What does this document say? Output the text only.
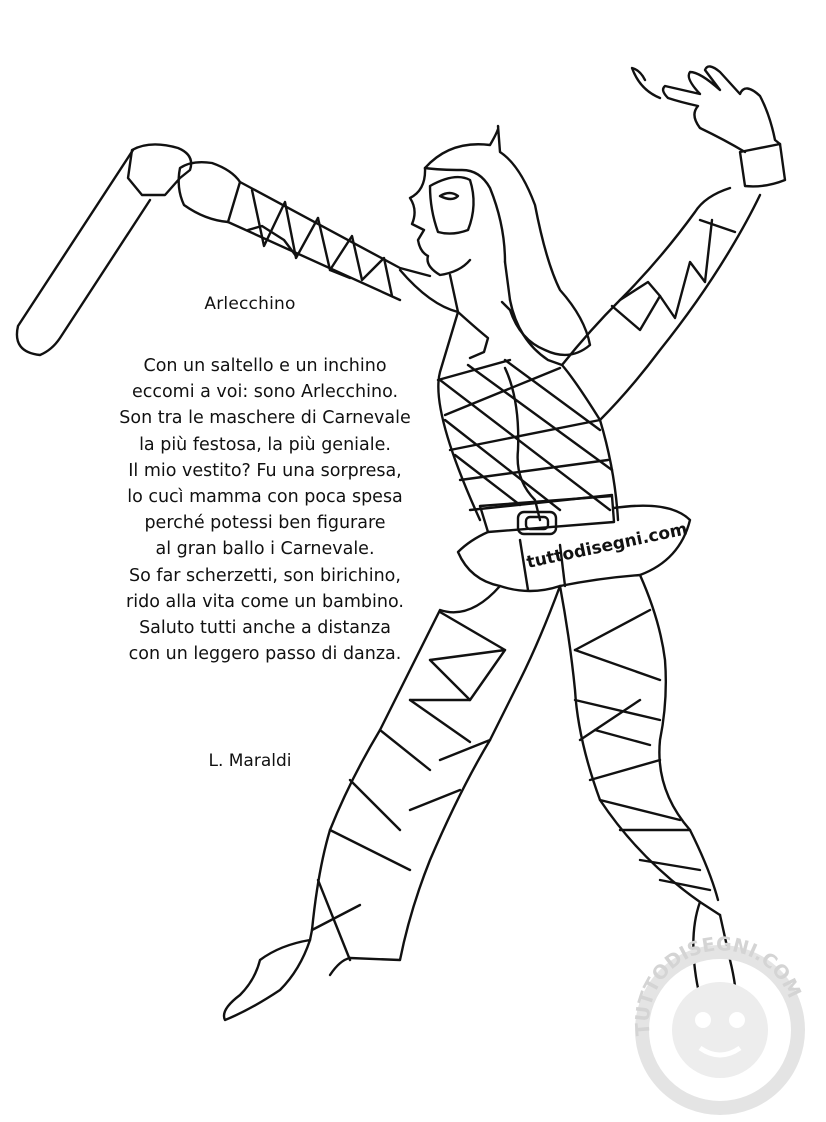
tuttodisegni.com
TUTTODISEGNI.COM
Arlecchino
Con un saltello e un inchino
eccomi a voi: sono Arlecchino.
Son tra le maschere di Carnevale
la più festosa, la più geniale.
Il mio vestito? Fu una sorpresa,
lo cucì mamma con poca spesa
perché potessi ben figurare
al gran ballo i Carnevale.
So far scherzetti, son birichino,
rido alla vita come un bambino.
Saluto tutti anche a distanza
con un leggero passo di danza.
L. Maraldi
